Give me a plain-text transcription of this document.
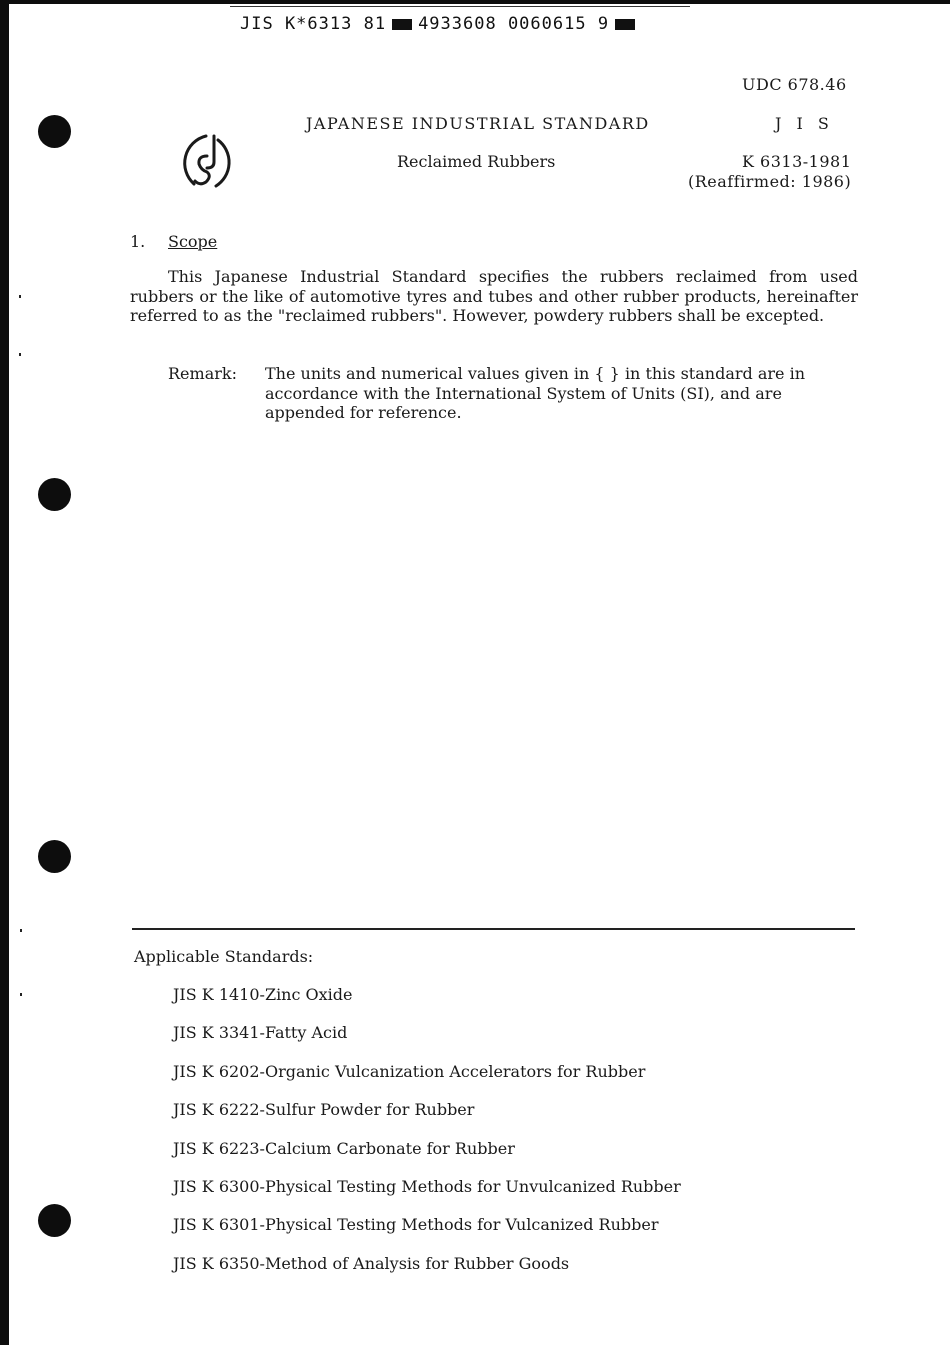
JIS K*6313 81 4933608 0060615 9
UDC 678.46
JAPANESE INDUSTRIAL STANDARD	J I S
Reclaimed Rubbers	K 6313-1981
(Reaffirmed: 1986)
1. Scope
This Japanese Industrial Standard specifies the rubbers reclaimed from used rubbers or the like of automotive tyres and tubes and other rubber products, hereinafter referred to as the "reclaimed rubbers". However, powdery rubbers shall be excepted.
Remark: The units and numerical values given in { } in this standard are in accordance with the International System of Units (SI), and are appended for reference.
Applicable Standards:
JIS K 1410-Zinc Oxide
JIS K 3341-Fatty Acid
JIS K 6202-Organic Vulcanization Accelerators for Rubber
JIS K 6222-Sulfur Powder for Rubber
JIS K 6223-Calcium Carbonate for Rubber
JIS K 6300-Physical Testing Methods for Unvulcanized Rubber
JIS K 6301-Physical Testing Methods for Vulcanized Rubber
JIS K 6350-Method of Analysis for Rubber Goods
